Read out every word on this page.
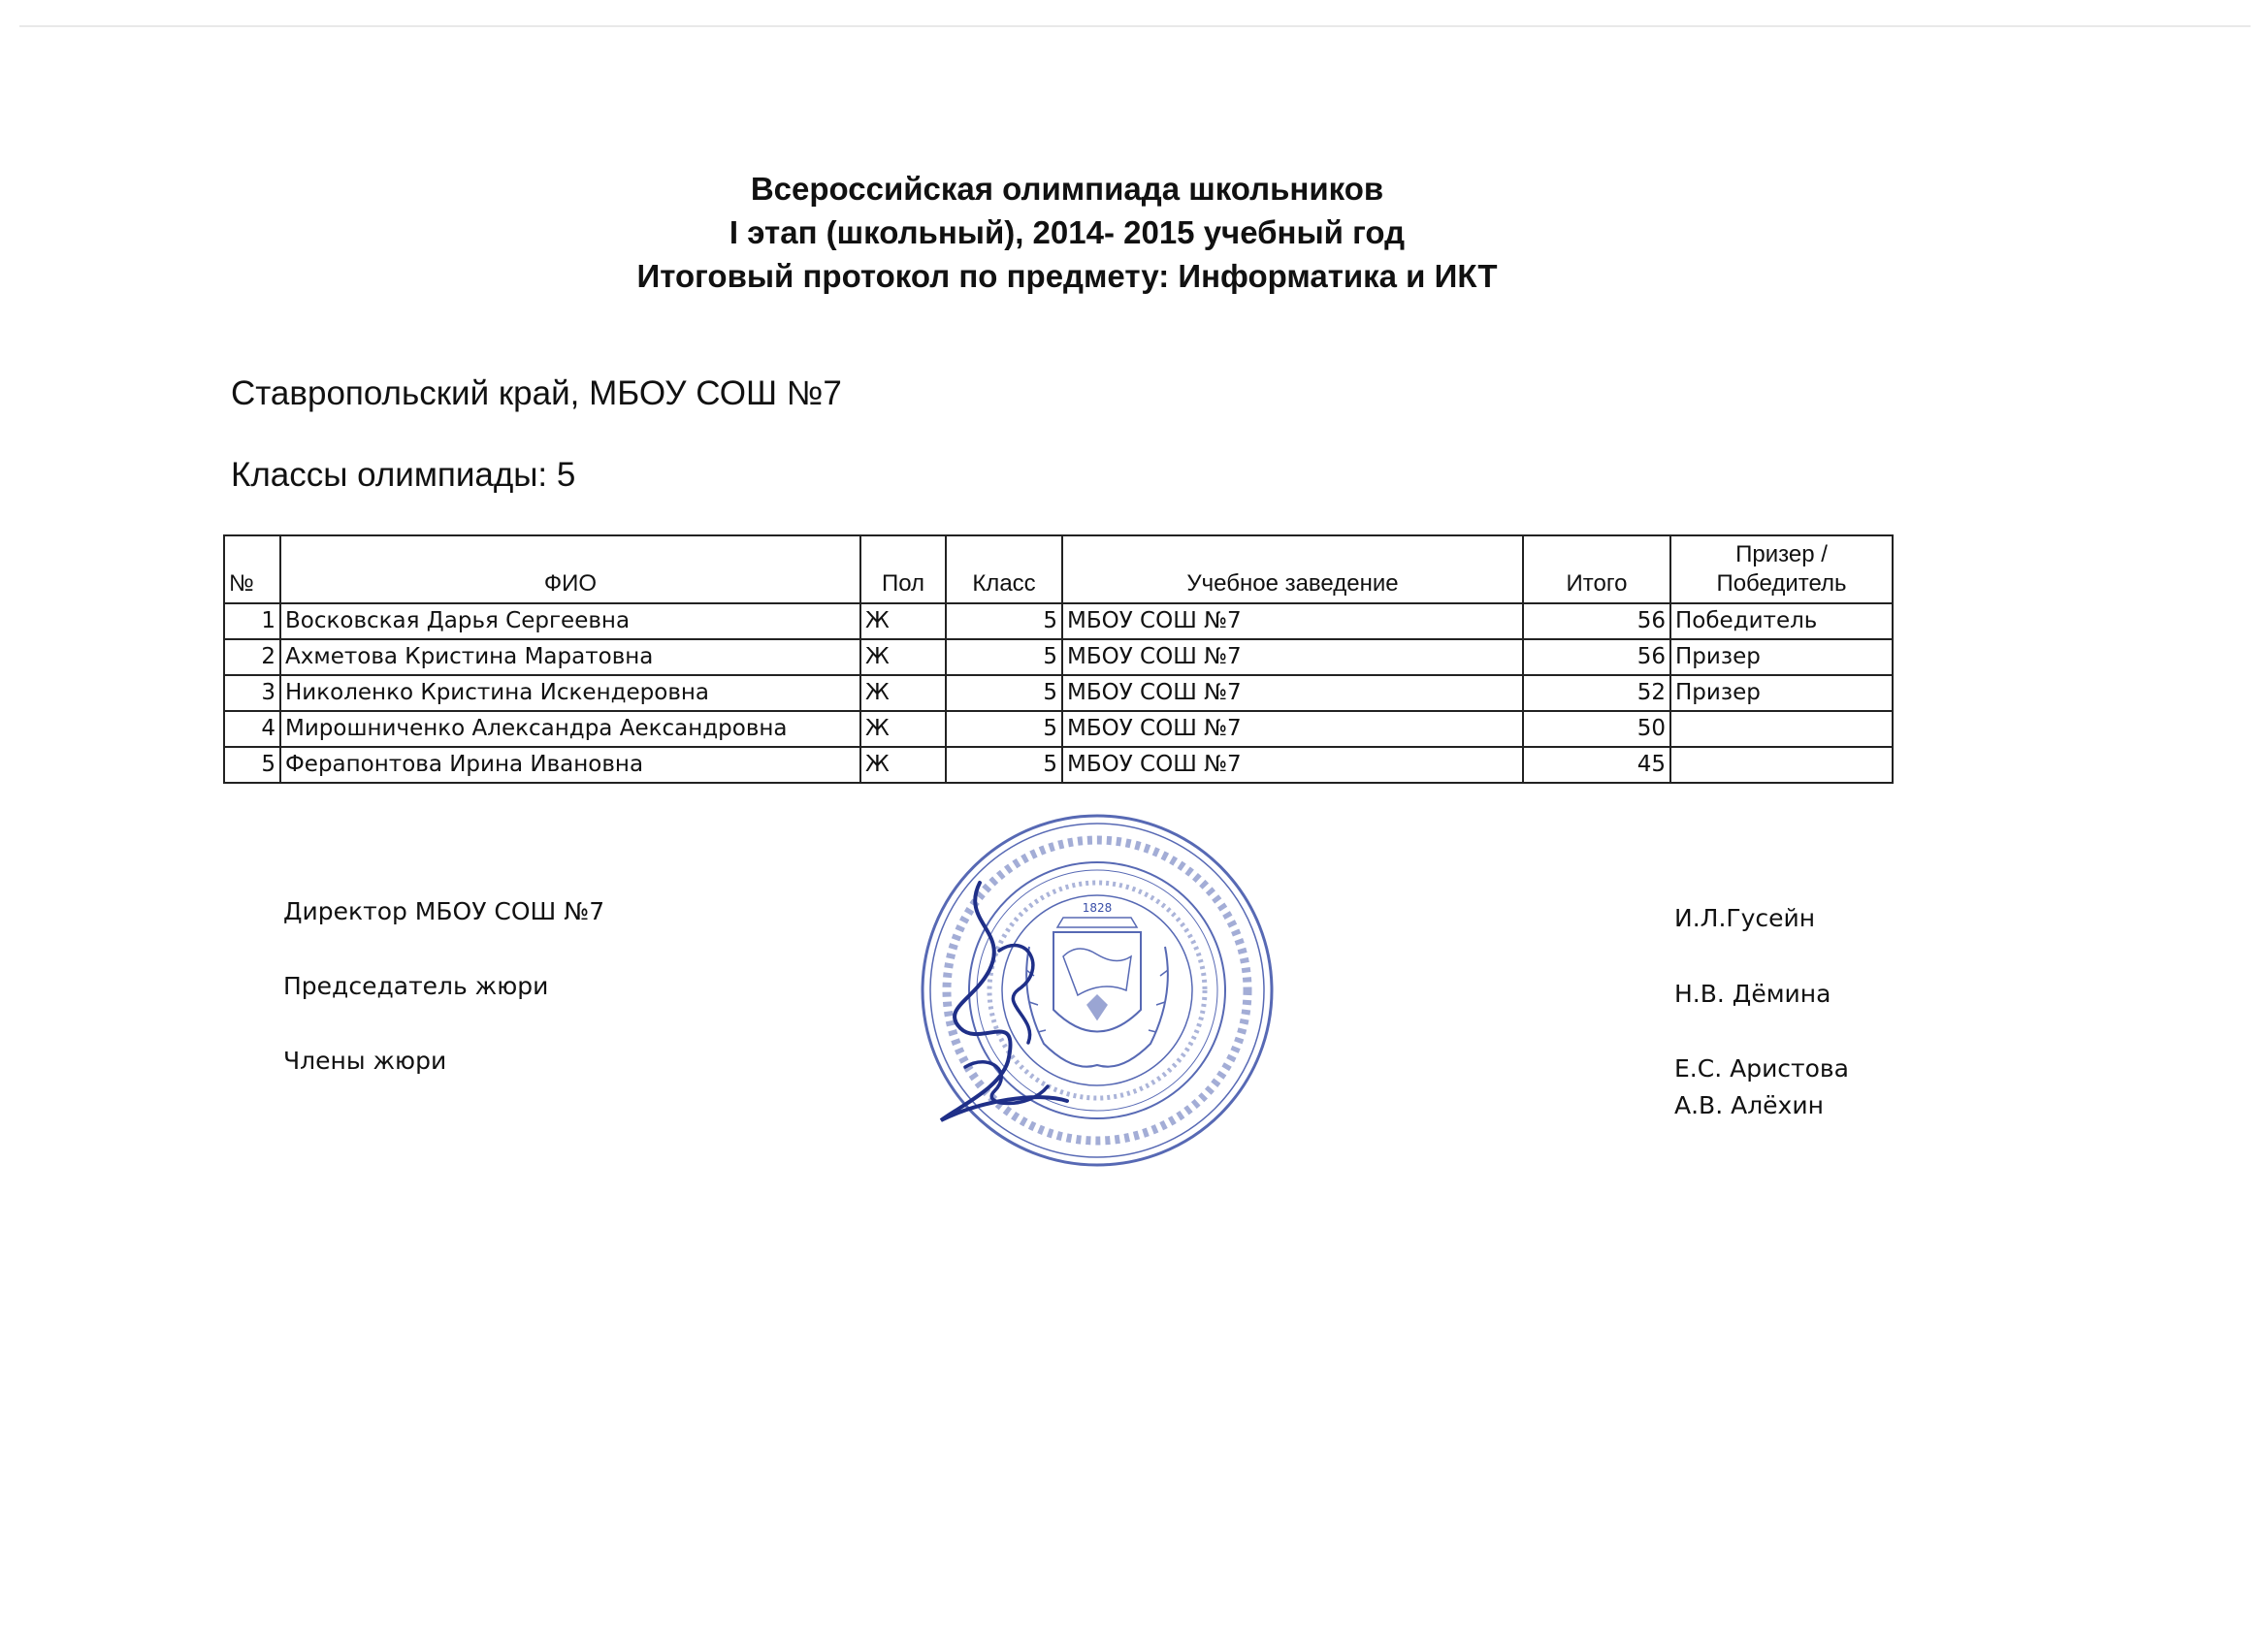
Всероссийская олимпиада школьников
I этап (школьный), 2014- 2015 учебный год
Итоговый протокол по предмету: Информатика и ИКТ
Ставропольский край, МБОУ СОШ №7
Классы олимпиады: 5
№	ФИО	Пол	Класс	Учебное заведение	Итого	Призер /
Победитель
1	Восковская Дарья Сергеевна	Ж	5	МБОУ СОШ №7	56	Победитель
2	Ахметова Кристина Маратовна	Ж	5	МБОУ СОШ №7	56	Призер
3	Николенко Кристина Искендеровна	Ж	5	МБОУ СОШ №7	52	Призер
4	Мирошниченко Александра Аександровна	Ж	5	МБОУ СОШ №7	50	
5	Ферапонтова Ирина Ивановна	Ж	5	МБОУ СОШ №7	45	
Директор МБОУ СОШ №7
Председатель жюри
Члены жюри
И.Л.Гусейн
Н.В. Дёмина
Е.С. Аристова
А.В. Алёхин
1828
